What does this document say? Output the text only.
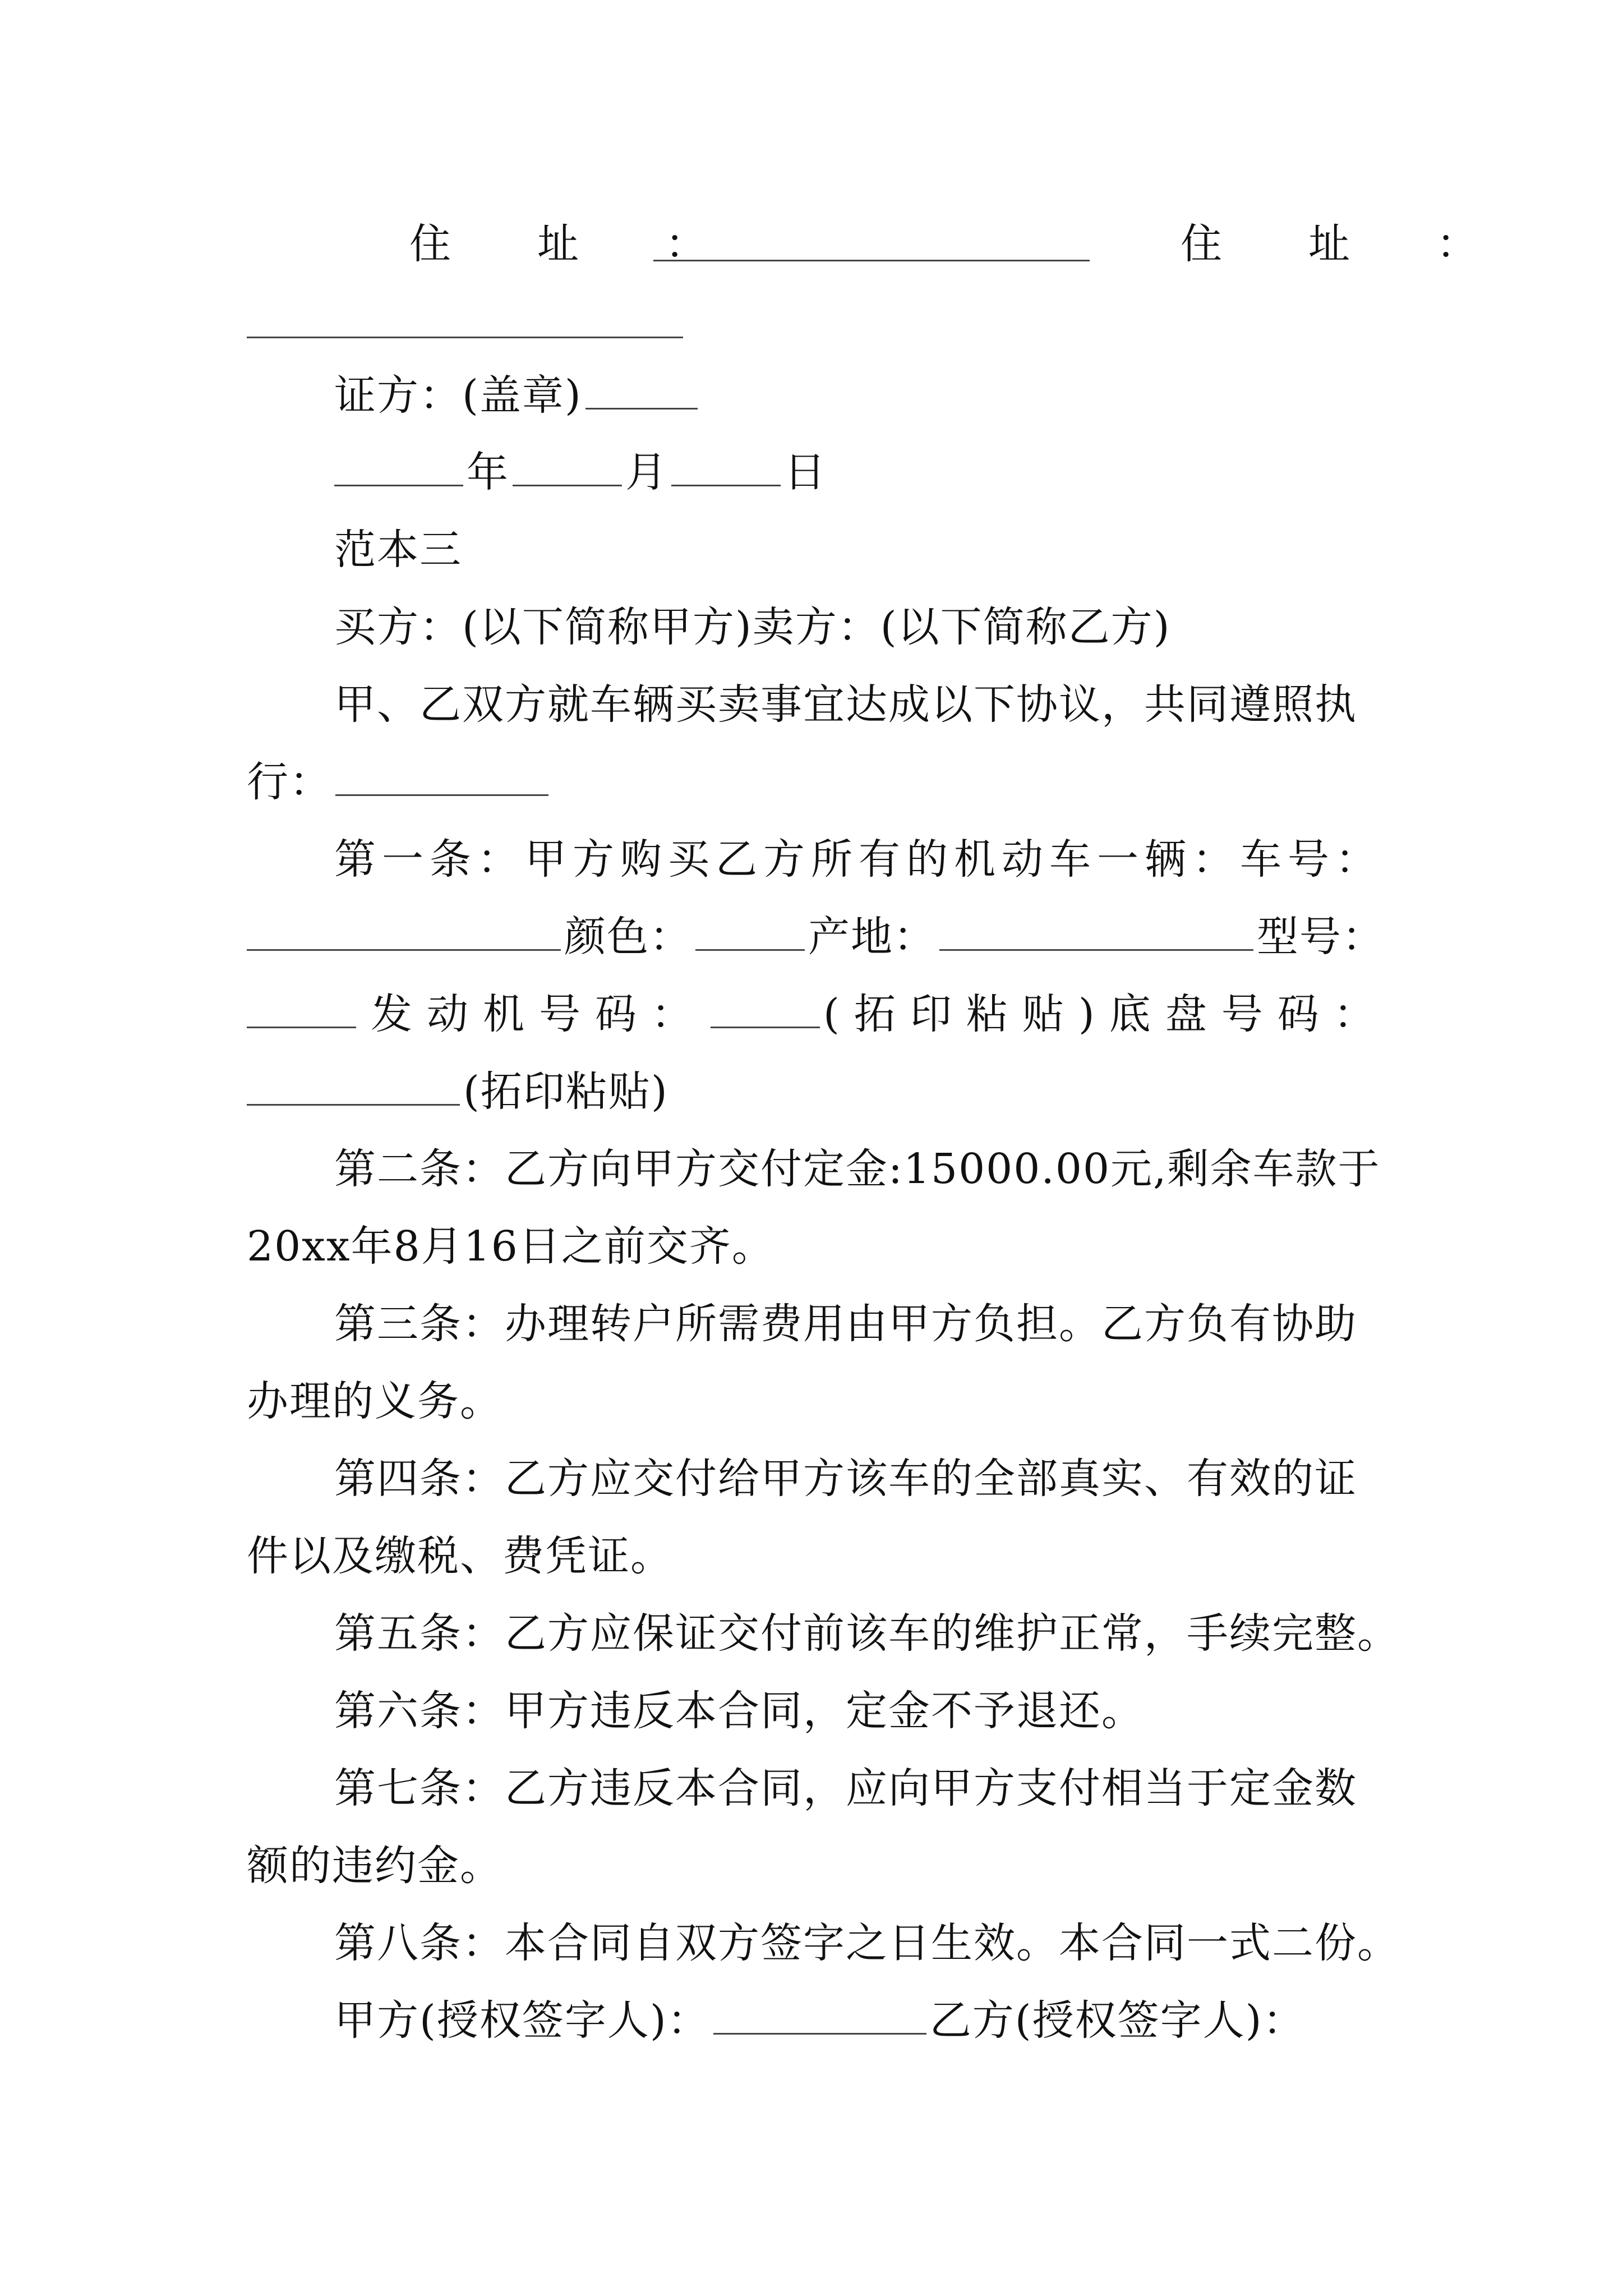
住　址　：	住　址　：
证方：(盖章)
年	月	日
范本三
买方：(以下简称甲方)卖方：(以下简称乙方)
甲、乙双方就车辆买卖事宜达成以下协议，共同遵照执
行：
第一条：甲方购买乙方所有的机动车一辆：车号：
颜色：	产地：	型号：
发动机号码：	(拓印粘贴)底盘号码：
(拓印粘贴)
第二条：乙方向甲方交付定金:15000.00元,剩余车款于
20xx年8月16日之前交齐。
第三条：办理转户所需费用由甲方负担。乙方负有协助
办理的义务。
第四条：乙方应交付给甲方该车的全部真实、有效的证
件以及缴税、费凭证。
第五条：乙方应保证交付前该车的维护正常，手续完整。
第六条：甲方违反本合同，定金不予退还。
第七条：乙方违反本合同，应向甲方支付相当于定金数
额的违约金。
第八条：本合同自双方签字之日生效。本合同一式二份。
甲方(授权签字人)：	乙方(授权签字人)：
